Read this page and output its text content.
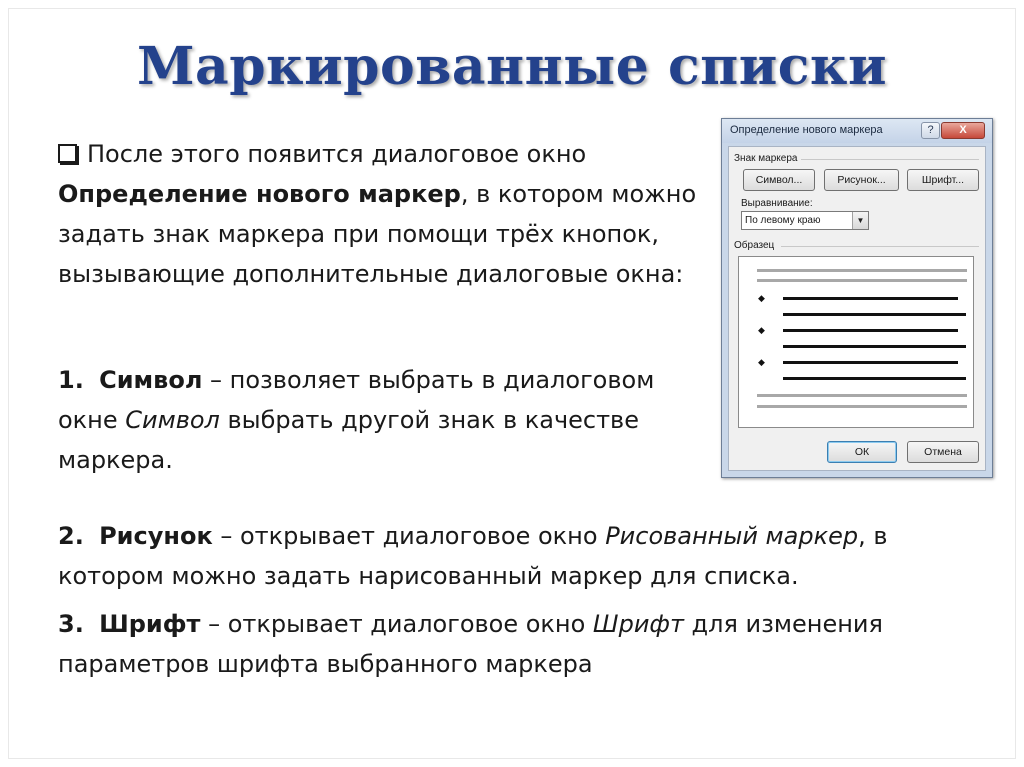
Маркированные списки
После этого появится диалоговое окно
Определение нового маркер, в котором можно задать знак маркера при помощи трёх кнопок, вызывающие дополнительные диалоговые окна:
1. Символ – позволяет выбрать в диалоговом окне Символ выбрать другой знак в качестве маркера.
2. Рисунок – открывает диалоговое окно Рисованный маркер, в котором можно задать нарисованный маркер для списка.
3. Шрифт – открывает диалоговое окно Шрифт для изменения параметров шрифта выбранного маркера
Определение нового маркера	?	X
Знак маркера
Символ...	Рисунок...	Шрифт...
Выравнивание:
По левому краю	▼
Образец
◆
◆
◆
ОК	Отмена
